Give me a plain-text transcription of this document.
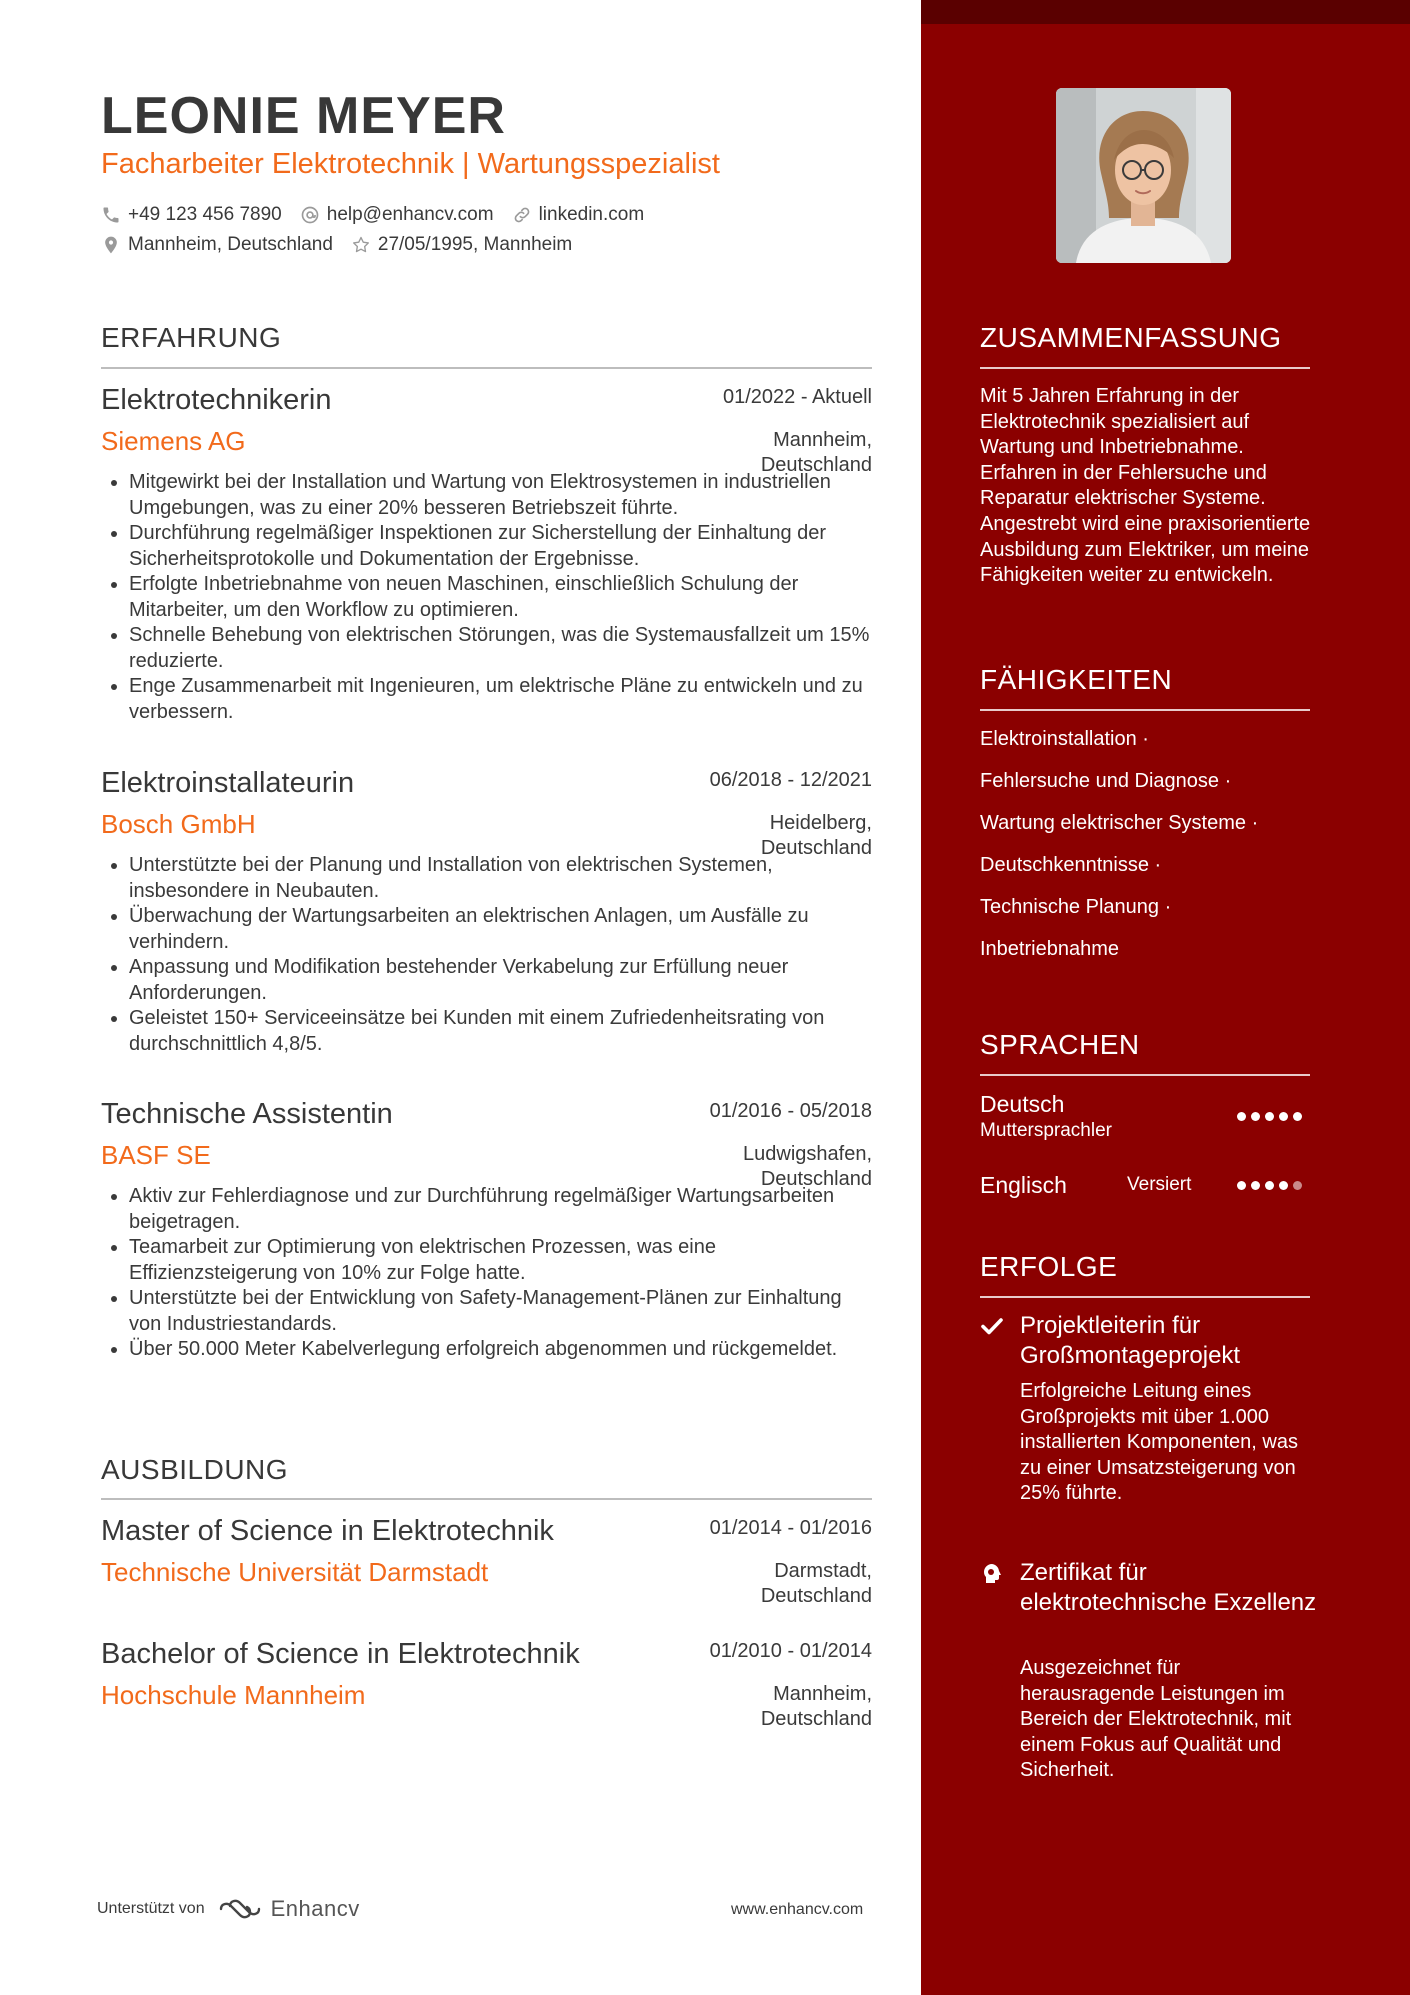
LEONIE MEYER
Facharbeiter Elektrotechnik | Wartungsspezialist
+49 123 456 7890 help@enhancv.com linkedin.com
Mannheim, Deutschland 27/05/1995, Mannheim
ERFAHRUNG
Elektrotechnikerin	01/2022 - Aktuell
Siemens AG	Mannheim,
Deutschland
• Mitgewirkt bei der Installation und Wartung von Elektrosystemen in industriellen Umgebungen, was zu einer 20% besseren Betriebszeit führte.
• Durchführung regelmäßiger Inspektionen zur Sicherstellung der Einhaltung der Sicherheitsprotokolle und Dokumentation der Ergebnisse.
• Erfolgte Inbetriebnahme von neuen Maschinen, einschließlich Schulung der Mitarbeiter, um den Workflow zu optimieren.
• Schnelle Behebung von elektrischen Störungen, was die Systemausfallzeit um 15% reduzierte.
• Enge Zusammenarbeit mit Ingenieuren, um elektrische Pläne zu entwickeln und zu verbessern.
Elektroinstallateurin	06/2018 - 12/2021
Bosch GmbH	Heidelberg,
Deutschland
• Unterstützte bei der Planung und Installation von elektrischen Systemen, insbesondere in Neubauten.
• Überwachung der Wartungsarbeiten an elektrischen Anlagen, um Ausfälle zu verhindern.
• Anpassung und Modifikation bestehender Verkabelung zur Erfüllung neuer Anforderungen.
• Geleistet 150+ Serviceeinsätze bei Kunden mit einem Zufriedenheitsrating von durchschnittlich 4,8/5.
Technische Assistentin	01/2016 - 05/2018
BASF SE	Ludwigshafen,
Deutschland
• Aktiv zur Fehlerdiagnose und zur Durchführung regelmäßiger Wartungsarbeiten beigetragen.
• Teamarbeit zur Optimierung von elektrischen Prozessen, was eine Effizienzsteigerung von 10% zur Folge hatte.
• Unterstützte bei der Entwicklung von Safety-Management-Plänen zur Einhaltung von Industriestandards.
• Über 50.000 Meter Kabelverlegung erfolgreich abgenommen und rückgemeldet.
AUSBILDUNG
Master of Science in Elektrotechnik	01/2014 - 01/2016
Technische Universität Darmstadt	Darmstadt,
Deutschland
Bachelor of Science in Elektrotechnik	01/2010 - 01/2014
Hochschule Mannheim	Mannheim,
Deutschland
Unterstützt von	Enhancv	www.enhancv.com
ZUSAMMENFASSUNG
Mit 5 Jahren Erfahrung in der Elektrotechnik spezialisiert auf Wartung und Inbetriebnahme. Erfahren in der Fehlersuche und Reparatur elektrischer Systeme. Angestrebt wird eine praxisorientierte Ausbildung zum Elektriker, um meine Fähigkeiten weiter zu entwickeln.
FÄHIGKEITEN
Elektroinstallation ·
Fehlersuche und Diagnose ·
Wartung elektrischer Systeme ·
Deutschkenntnisse ·
Technische Planung ·
Inbetriebnahme
SPRACHEN
Deutsch
Muttersprachler
Englisch	Versiert
ERFOLGE
Projektleiterin für Großmontageprojekt
Erfolgreiche Leitung eines Großprojekts mit über 1.000 installierten Komponenten, was zu einer Umsatzsteigerung von 25% führte.
Zertifikat für elektrotechnische Exzellenz
Ausgezeichnet für herausragende Leistungen im Bereich der Elektrotechnik, mit einem Fokus auf Qualität und Sicherheit.
